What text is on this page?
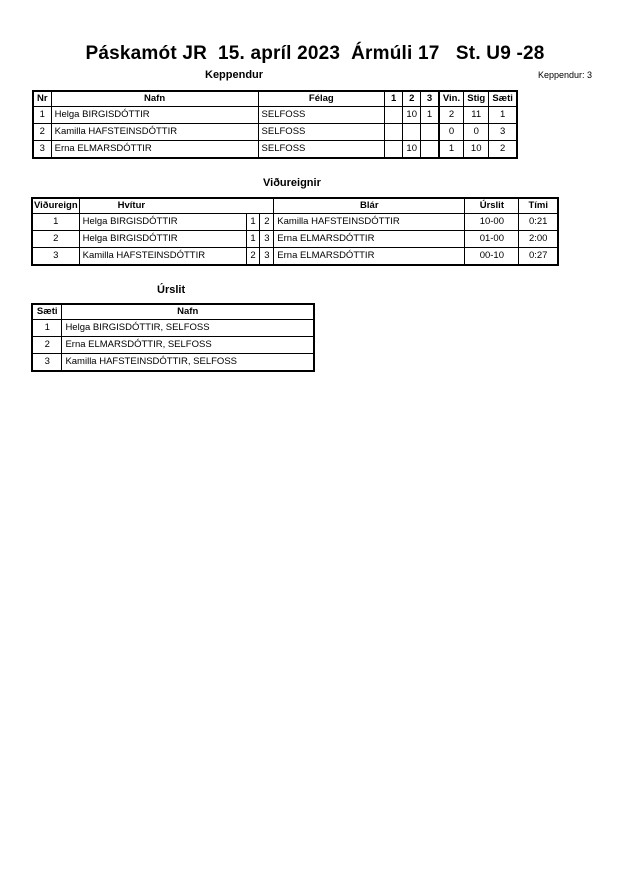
Páskamót JR  15. apríl 2023  Ármúli 17   St. U9 -28
Keppendur	Keppendur: 3
Nr	Nafn	Félag	1	2	3	Vin.	Stig	Sæti
1	Helga BIRGISDÓTTIR	SELFOSS		10	1	2	11	1
2	Kamilla HAFSTEINSDÓTTIR	SELFOSS				0	0	3
3	Erna ELMARSDÓTTIR	SELFOSS		10		1	10	2
Viðureignir
Viðureign	Hvítur			Blár	Úrslit	Tími
1	Helga BIRGISDÓTTIR	1	2	Kamilla HAFSTEINSDÓTTIR	10-00	0:21
2	Helga BIRGISDÓTTIR	1	3	Erna ELMARSDÓTTIR	01-00	2:00
3	Kamilla HAFSTEINSDÓTTIR	2	3	Erna ELMARSDÓTTIR	00-10	0:27
Úrslit
Sæti	Nafn
1	Helga BIRGISDÓTTIR, SELFOSS
2	Erna ELMARSDÓTTIR, SELFOSS
3	Kamilla HAFSTEINSDÓTTIR, SELFOSS
